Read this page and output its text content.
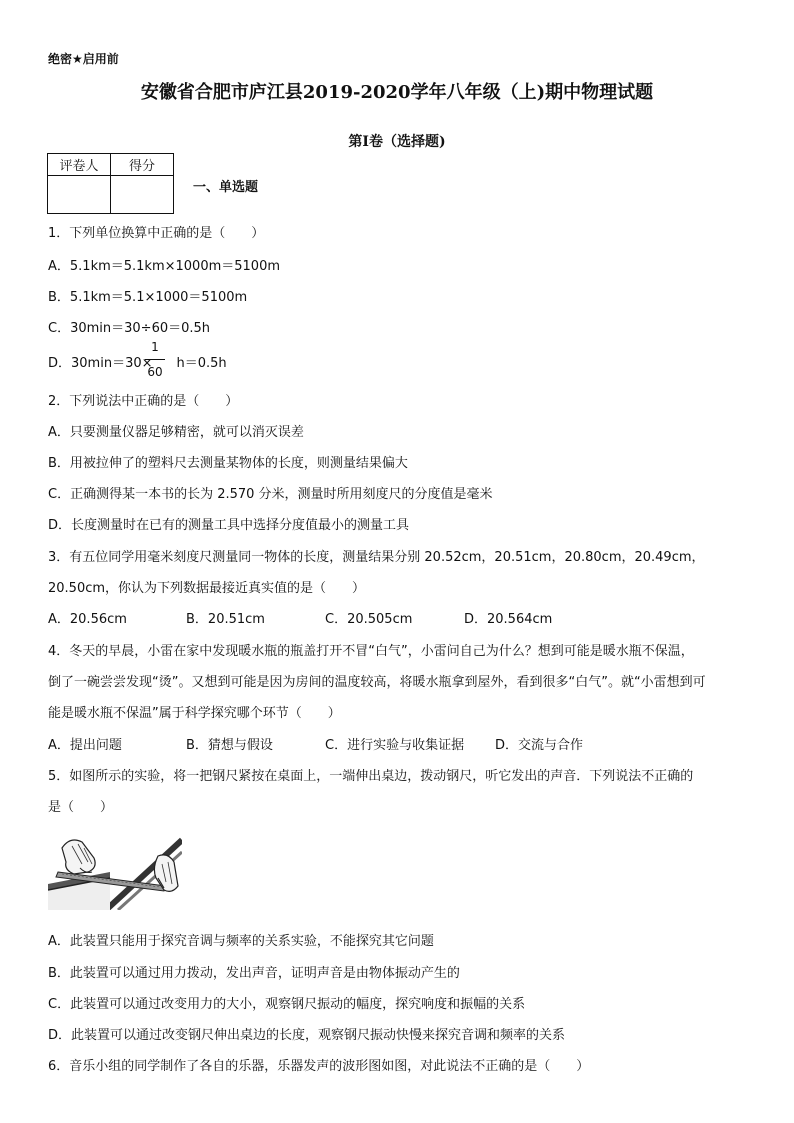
绝密★启用前
安徽省合肥市庐江县2019-2020学年八年级（上)期中物理试题
第I卷（选择题)
评卷人	得分

一、单选题
1．下列单位换算中正确的是（　　）
A．5.1km＝5.1km×1000m＝5100m
B．5.1km＝5.1×1000＝5100m
C．30min＝30÷60＝0.5h
D．30min＝30× h＝0.5h
1
60
2．下列说法中正确的是（　　）
A．只要测量仪器足够精密，就可以消灭误差
B．用被拉伸了的塑料尺去测量某物体的长度，则测量结果偏大
C．正确测得某一本书的长为 2.570 分米，测量时所用刻度尺的分度值是毫米
D．长度测量时在已有的测量工具中选择分度值最小的测量工具
3．有五位同学用毫米刻度尺测量同一物体的长度，测量结果分别 20.52cm，20.51cm，20.80cm，20.49cm，
20.50cm，你认为下列数据最接近真实值的是（　　）
A．20.56cm	B．20.51cm	C．20.505cm	D．20.564cm
4．冬天的早晨，小雷在家中发现暖水瓶的瓶盖打开不冒“白气”，小雷问自己为什么？想到可能是暖水瓶不保温，
倒了一碗尝尝发现“烫”。又想到可能是因为房间的温度较高，将暖水瓶拿到屋外，看到很多“白气”。就“小雷想到可
能是暖水瓶不保温”属于科学探究哪个环节（　　）
A．提出问题	B．猜想与假设	C．进行实验与收集证据 D．交流与合作
5．如图所示的实验，将一把钢尺紧按在桌面上，一端伸出桌边，拨动钢尺，听它发出的声音．下列说法不正确的
是（　　）
A．此装置只能用于探究音调与频率的关系实验，不能探究其它问题
B．此装置可以通过用力拨动，发出声音，证明声音是由物体振动产生的
C．此装置可以通过改变用力的大小，观察钢尺振动的幅度，探究响度和振幅的关系
D．此装置可以通过改变钢尺伸出桌边的长度，观察钢尺振动快慢来探究音调和频率的关系
6．音乐小组的同学制作了各自的乐器，乐器发声的波形图如图，对此说法不正确的是（　　）
